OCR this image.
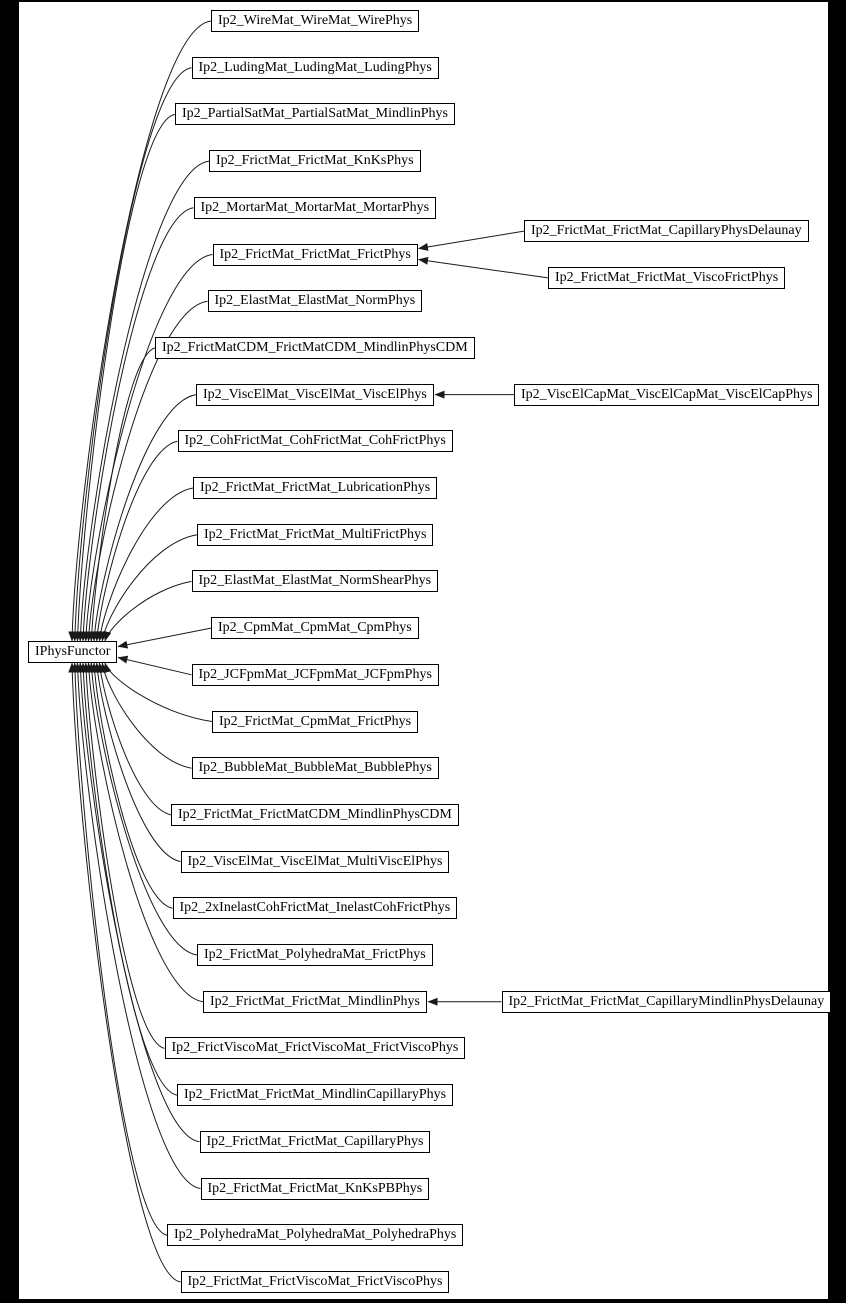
IPhysFunctor
Ip2_WireMat_WireMat_WirePhys
Ip2_LudingMat_LudingMat_LudingPhys
Ip2_PartialSatMat_PartialSatMat_MindlinPhys
Ip2_FrictMat_FrictMat_KnKsPhys
Ip2_MortarMat_MortarMat_MortarPhys
Ip2_FrictMat_FrictMat_FrictPhys
Ip2_ElastMat_ElastMat_NormPhys
Ip2_FrictMatCDM_FrictMatCDM_MindlinPhysCDM
Ip2_ViscElMat_ViscElMat_ViscElPhys
Ip2_CohFrictMat_CohFrictMat_CohFrictPhys
Ip2_FrictMat_FrictMat_LubricationPhys
Ip2_FrictMat_FrictMat_MultiFrictPhys
Ip2_ElastMat_ElastMat_NormShearPhys
Ip2_CpmMat_CpmMat_CpmPhys
Ip2_JCFpmMat_JCFpmMat_JCFpmPhys
Ip2_FrictMat_CpmMat_FrictPhys
Ip2_BubbleMat_BubbleMat_BubblePhys
Ip2_FrictMat_FrictMatCDM_MindlinPhysCDM
Ip2_ViscElMat_ViscElMat_MultiViscElPhys
Ip2_2xInelastCohFrictMat_InelastCohFrictPhys
Ip2_FrictMat_PolyhedraMat_FrictPhys
Ip2_FrictMat_FrictMat_MindlinPhys
Ip2_FrictViscoMat_FrictViscoMat_FrictViscoPhys
Ip2_FrictMat_FrictMat_MindlinCapillaryPhys
Ip2_FrictMat_FrictMat_CapillaryPhys
Ip2_FrictMat_FrictMat_KnKsPBPhys
Ip2_PolyhedraMat_PolyhedraMat_PolyhedraPhys
Ip2_FrictMat_FrictViscoMat_FrictViscoPhys
Ip2_FrictMat_FrictMat_CapillaryPhysDelaunay
Ip2_FrictMat_FrictMat_ViscoFrictPhys
Ip2_ViscElCapMat_ViscElCapMat_ViscElCapPhys
Ip2_FrictMat_FrictMat_CapillaryMindlinPhysDelaunay
